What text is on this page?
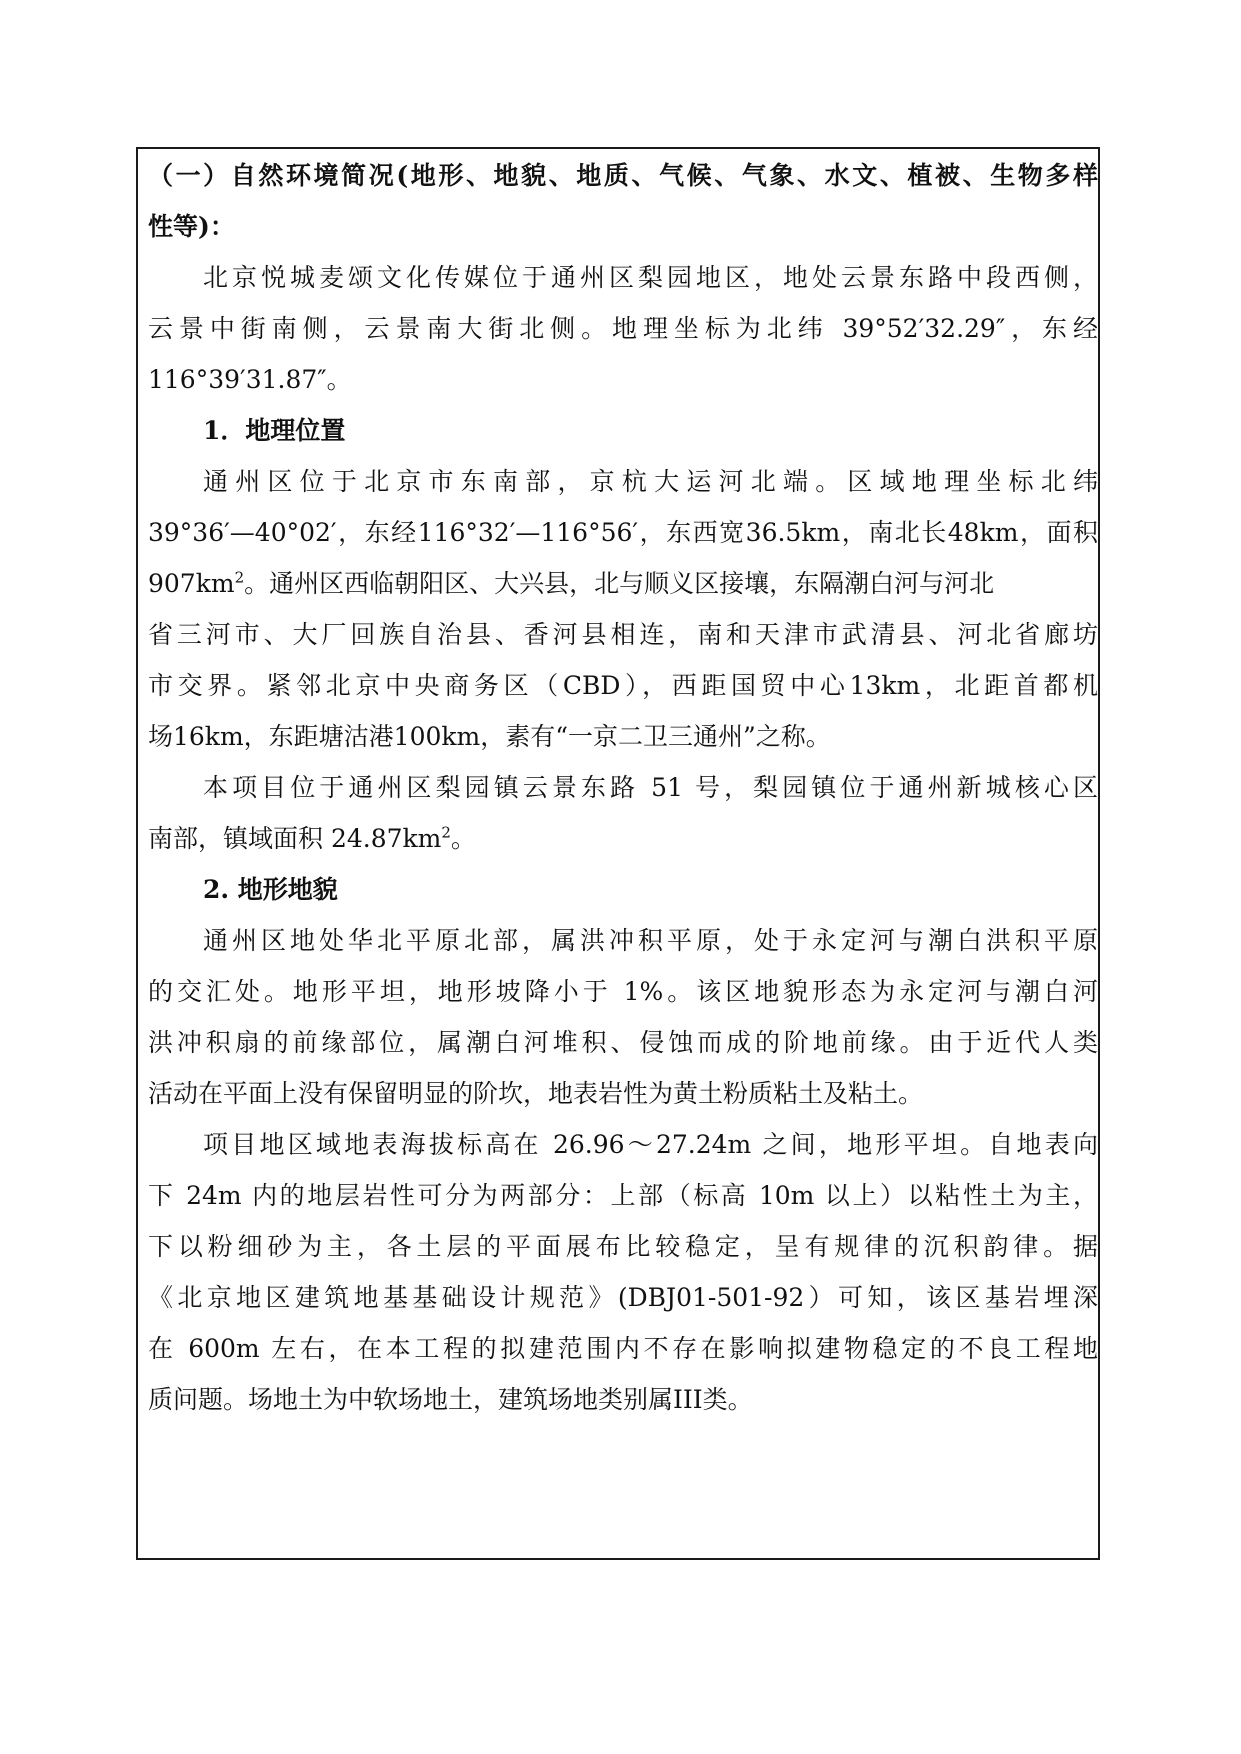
（一）自然环境简况(地形、地貌、地质、气候、气象、水文、植被、生物多样
性等)：
北京悦城麦颂文化传媒位于通州区梨园地区，地处云景东路中段西侧，
云景中街南侧，云景南大街北侧。地理坐标为北纬 39°52′32.29″，东经
116°39′31.87″。
1．地理位置
通州区位于北京市东南部，京杭大运河北端。区域地理坐标北纬
39°36′—40°02′，东经116°32′—116°56′，东西宽36.5km，南北长48km，面积
$907km^2$。通州区西临朝阳区、大兴县，北与顺义区接壤，东隔潮白河与河北
省三河市、大厂回族自治县、香河县相连，南和天津市武清县、河北省廊坊
市交界。紧邻北京中央商务区（CBD），西距国贸中心13km，北距首都机
场16km，东距塘沽港100km，素有“一京二卫三通州”之称。
本项目位于通州区梨园镇云景东路 51 号，梨园镇位于通州新城核心区
南部，镇域面积 $24.87km^2$。
2. 地形地貌
通州区地处华北平原北部，属洪冲积平原，处于永定河与潮白洪积平原
的交汇处。地形平坦，地形坡降小于 1%。该区地貌形态为永定河与潮白河
洪冲积扇的前缘部位，属潮白河堆积、侵蚀而成的阶地前缘。由于近代人类
活动在平面上没有保留明显的阶坎，地表岩性为黄土粉质粘土及粘土。
项目地区域地表海拔标高在 26.96～27.24m 之间，地形平坦。自地表向
下 24m 内的地层岩性可分为两部分：上部（标高 10m 以上）以粘性土为主，
下以粉细砂为主，各土层的平面展布比较稳定，呈有规律的沉积韵律。据
《北京地区建筑地基基础设计规范》(DBJ01-501-92）可知，该区基岩埋深
在 600m 左右，在本工程的拟建范围内不存在影响拟建物稳定的不良工程地
质问题。场地土为中软场地土，建筑场地类别属III类。
